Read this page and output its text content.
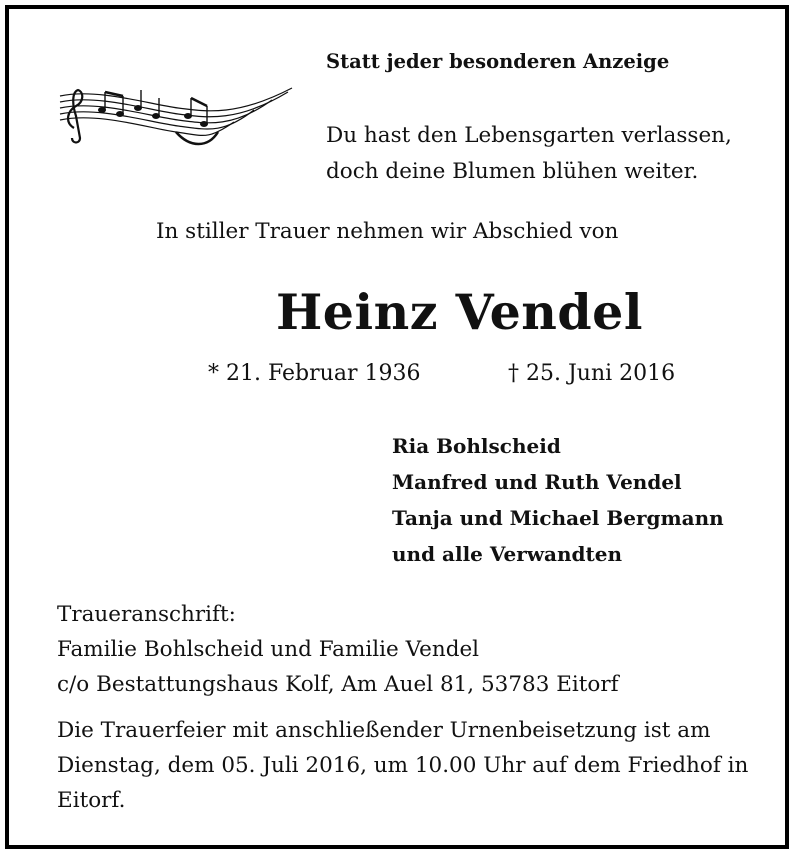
Statt jeder besonderen Anzeige
Du hast den Lebensgarten verlassen,
doch deine Blumen blühen weiter.
In stiller Trauer nehmen wir Abschied von
Heinz Vendel
* 21. Februar 1936	† 25. Juni 2016
Ria Bohlscheid
Manfred und Ruth Vendel
Tanja und Michael Bergmann
und alle Verwandten
Traueranschrift:
Familie Bohlscheid und Familie Vendel
c/o Bestattungshaus Kolf, Am Auel 81, 53783 Eitorf
Die Trauerfeier mit anschließender Urnenbeisetzung ist am Dienstag, dem 05. Juli 2016, um 10.00 Uhr auf dem Friedhof in Eitorf.
